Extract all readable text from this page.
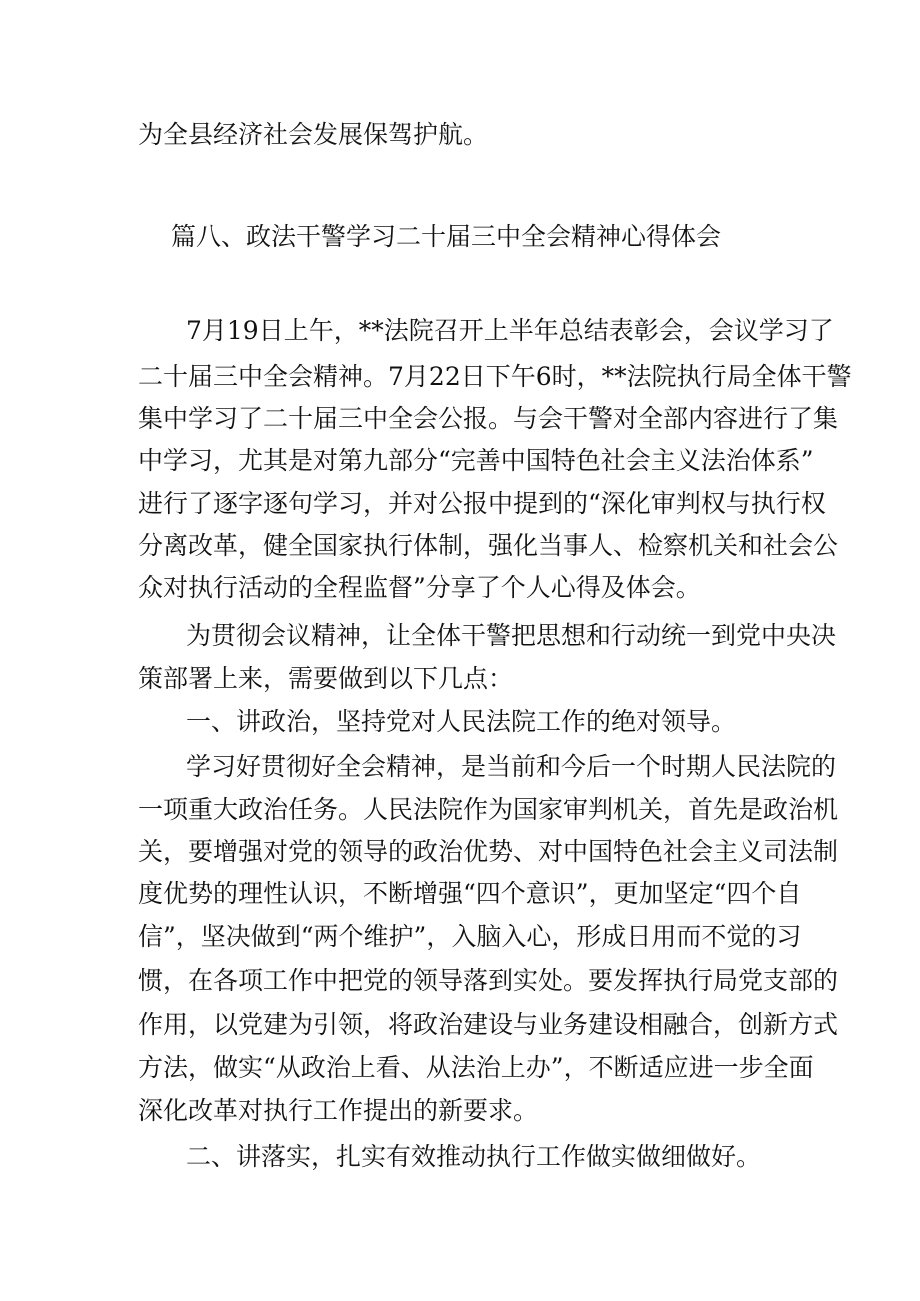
为全县经济社会发展保驾护航。
篇八、政法干警学习二十届三中全会精神心得体会
7月19日上午，**法院召开上半年总结表彰会，会议学习了
二十届三中全会精神。7月22日下午6时，**法院执行局全体干警
集中学习了二十届三中全会公报。与会干警对全部内容进行了集
中学习，尤其是对第九部分“完善中国特色社会主义法治体系”
进行了逐字逐句学习，并对公报中提到的“深化审判权与执行权
分离改革，健全国家执行体制，强化当事人、检察机关和社会公
众对执行活动的全程监督”分享了个人心得及体会。
为贯彻会议精神，让全体干警把思想和行动统一到党中央决
策部署上来，需要做到以下几点：
一、讲政治，坚持党对人民法院工作的绝对领导。
学习好贯彻好全会精神，是当前和今后一个时期人民法院的
一项重大政治任务。人民法院作为国家审判机关，首先是政治机
关，要增强对党的领导的政治优势、对中国特色社会主义司法制
度优势的理性认识，不断增强“四个意识”，更加坚定“四个自
信”，坚决做到“两个维护”，入脑入心，形成日用而不觉的习
惯，在各项工作中把党的领导落到实处。要发挥执行局党支部的
作用，以党建为引领，将政治建设与业务建设相融合，创新方式
方法，做实“从政治上看、从法治上办”，不断适应进一步全面
深化改革对执行工作提出的新要求。
二、讲落实，扎实有效推动执行工作做实做细做好。
